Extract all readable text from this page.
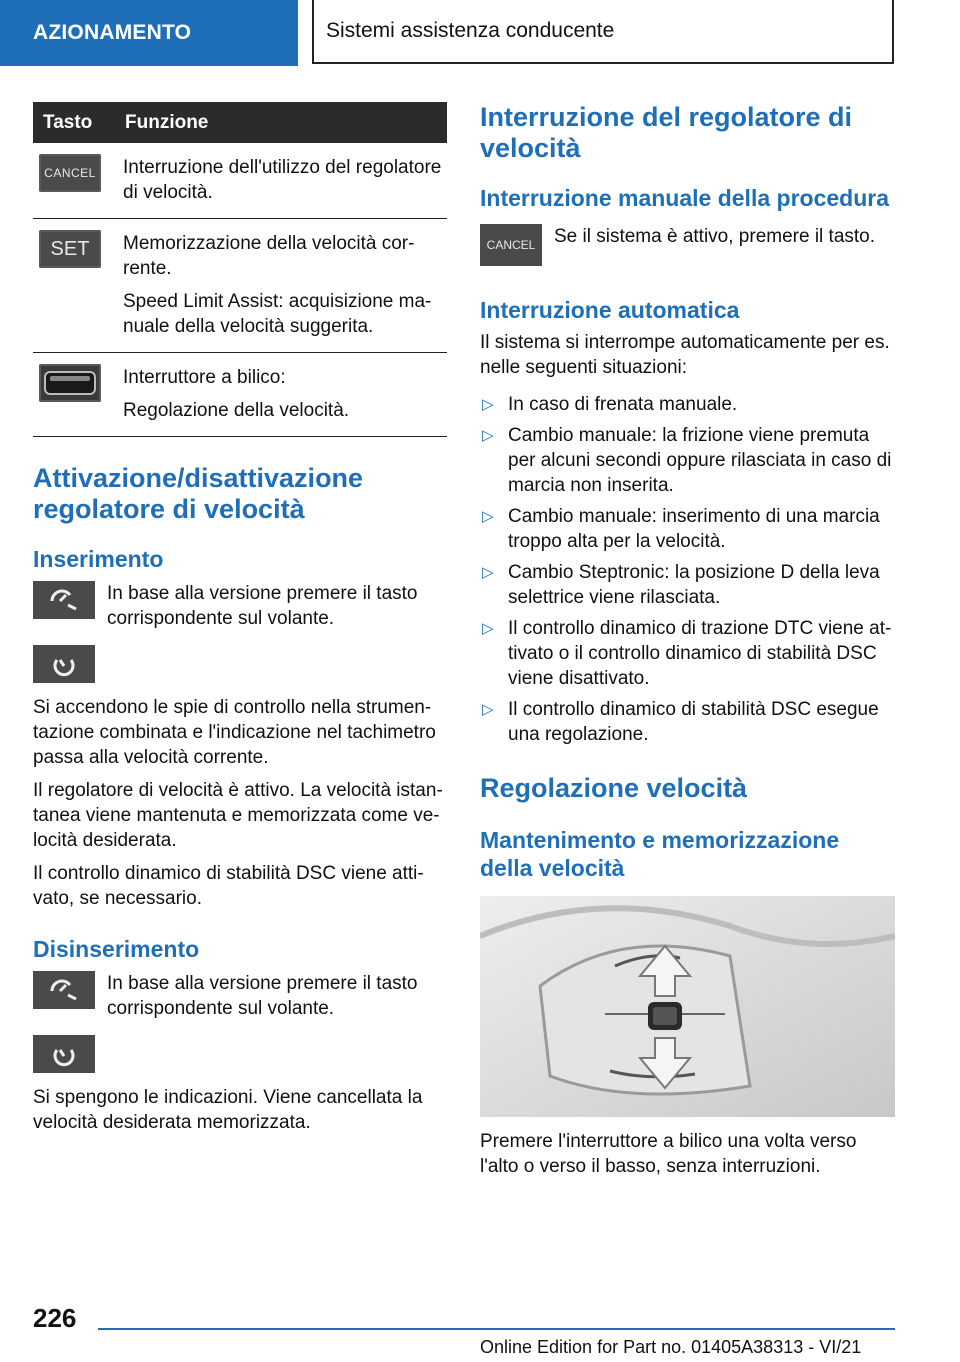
AZIONAMENTO	Sistemi assistenza conducente
Tasto	Funzione

CANCEL	Interruzione dell'utilizzo del regolatore di velocità.

SET	Memorizzazione della velocità cor- rente.

Speed Limit Assist: acquisizione ma- nuale della velocità suggerita.

Interruttore a bilico:

Regolazione della velocità.

Attivazione/disattivazione regolatore di velocità
Inserimento
In base alla versione premere il tasto corrispondente sul volante.

Si accendono le spie di controllo nella strumen- tazione combinata e l'indicazione nel tachimetro passa alla velocità corrente.

Il regolatore di velocità è attivo. La velocità istan- tanea viene mantenuta e memorizzata come ve- locità desiderata.

Il controllo dinamico di stabilità DSC viene atti- vato, se necessario.

Disinserimento
In base alla versione premere il tasto corrispondente sul volante.

Si spengono le indicazioni. Viene cancellata la velocità desiderata memorizzata.

Interruzione del regolatore di velocità
Interruzione manuale della procedura
CANCEL Se il sistema è attivo, premere il tasto.
Interruzione automatica

Il sistema si interrompe automaticamente per es. nelle seguenti situazioni:

▷ In caso di frenata manuale.
▷ Cambio manuale: la frizione viene premuta per alcuni secondi oppure rilasciata in caso di marcia non inserita.
▷ Cambio manuale: inserimento di una marcia troppo alta per la velocità.
▷ Cambio Steptronic: la posizione D della leva selettrice viene rilasciata.
▷ Il controllo dinamico di trazione DTC viene at- tivato o il controllo dinamico di stabilità DSC viene disattivato.
▷ Il controllo dinamico di stabilità DSC esegue una regolazione.
Regolazione velocità
Mantenimento e memorizzazione della velocità

Premere l'interruttore a bilico una volta verso l'alto o verso il basso, senza interruzioni.

226
Online Edition for Part no. 01405A38313 - VI/21
